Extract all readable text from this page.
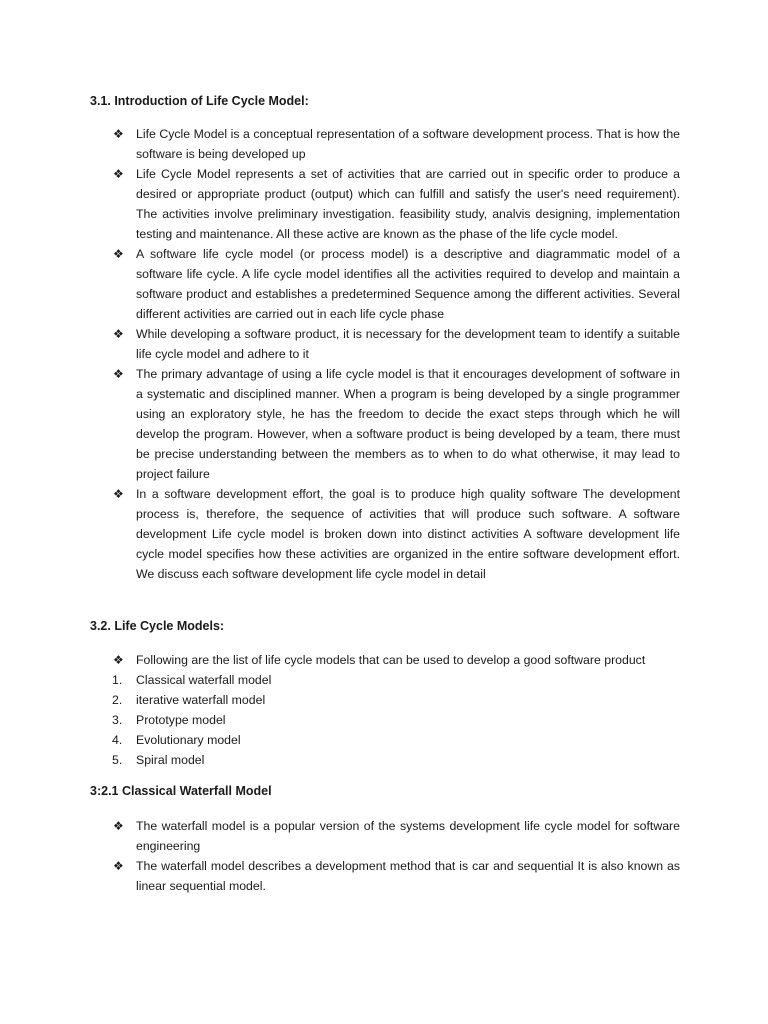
3.1. Introduction of Life Cycle Model:
❖ Life Cycle Model is a conceptual representation of a software development process. That is how the software is being developed up
❖ Life Cycle Model represents a set of activities that are carried out in specific order to produce a desired or appropriate product (output) which can fulfill and satisfy the user's need requirement). The activities involve preliminary investigation. feasibility study, analvis designing, implementation testing and maintenance. All these active are known as the phase of the life cycle model.
❖ A software life cycle model (or process model) is a descriptive and diagrammatic model of a software life cycle. A life cycle model identifies all the activities required to develop and maintain a software product and establishes a predetermined Sequence among the different activities. Several different activities are carried out in each life cycle phase
❖ While developing a software product, it is necessary for the development team to identify a suitable life cycle model and adhere to it
❖ The primary advantage of using a life cycle model is that it encourages development of software in a systematic and disciplined manner. When a program is being developed by a single programmer using an exploratory style, he has the freedom to decide the exact steps through which he will develop the program. However, when a software product is being developed by a team, there must be precise understanding between the members as to when to do what otherwise, it may lead to project failure
❖ In a software development effort, the goal is to produce high quality software The development process is, therefore, the sequence of activities that will produce such software. A software development Life cycle model is broken down into distinct activities A software development life cycle model specifies how these activities are organized in the entire software development effort. We discuss each software development life cycle model in detail
3.2. Life Cycle Models:
❖ Following are the list of life cycle models that can be used to develop a good software product
1. Classical waterfall model
2. iterative waterfall model
3. Prototype model
4. Evolutionary model
5. Spiral model
3:2.1 Classical Waterfall Model
❖ The waterfall model is a popular version of the systems development life cycle model for software engineering
❖ The waterfall model describes a development method that is car and sequential It is also known as linear sequential model.
